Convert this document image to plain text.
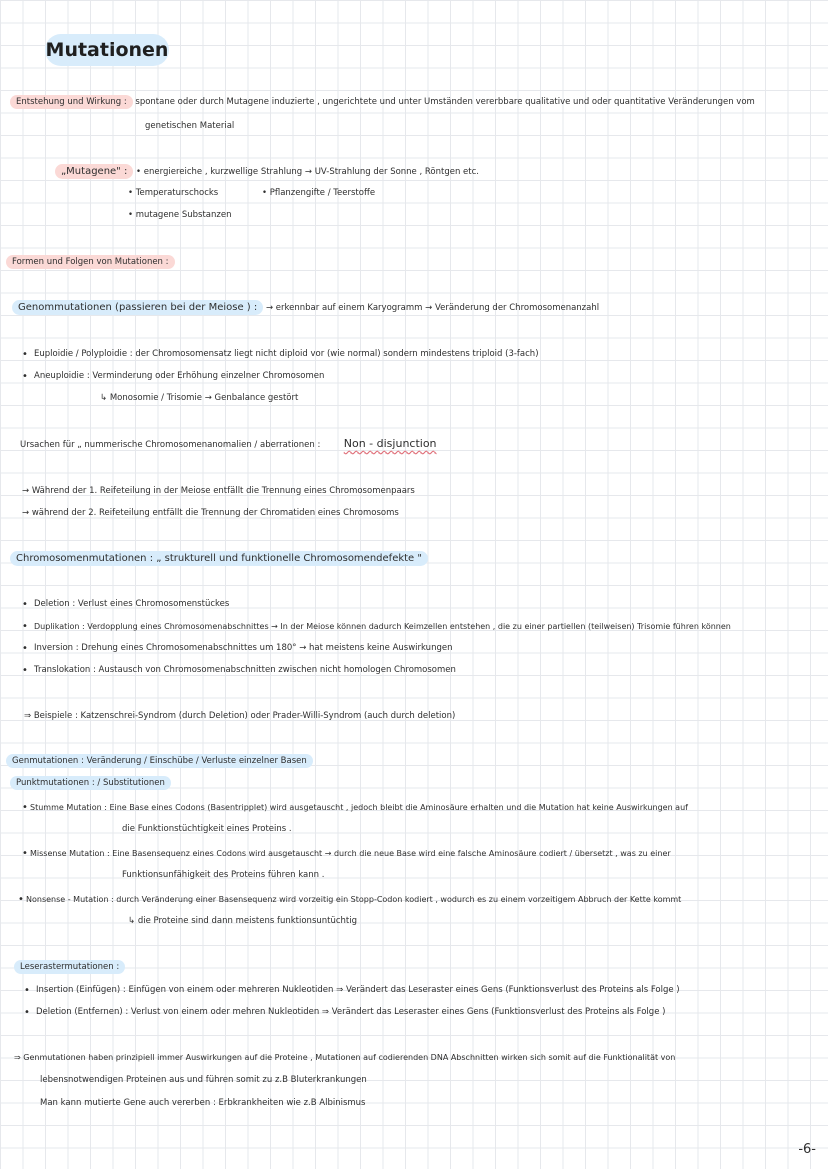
Mutationen
Entstehung und Wirkung : spontane oder durch Mutagene induzierte , ungerichtete und unter Umständen vererbbare qualitative und oder quantitative Veränderungen vom
genetischen Material
„Mutagene" : • energiereiche , kurzwellige Strahlung → UV-Strahlung der Sonne , Röntgen etc.
• Temperaturschocks	• Pflanzengifte / Teerstoffe
• mutagene Substanzen
Formen und Folgen von Mutationen :
Genommutationen (passieren bei der Meiose ) : → erkennbar auf einem Karyogramm → Veränderung der Chromosomenanzahl
• Euploidie / Polyploidie : der Chromosomensatz liegt nicht diploid vor (wie normal) sondern mindestens triploid (3-fach)
• Aneuploidie : Verminderung oder Erhöhung einzelner Chromosomen
↳ Monosomie / Trisomie → Genbalance gestört
Ursachen für „ nummerische Chromosomenanomalien / aberrationen : Non - disjunction
→ Während der 1. Reifeteilung in der Meiose entfällt die Trennung eines Chromosomenpaars
→ während der 2. Reifeteilung entfällt die Trennung der Chromatiden eines Chromosoms
Chromosomenmutationen : „ strukturell und funktionelle Chromosomendefekte "
• Deletion : Verlust eines Chromosomenstückes
• Duplikation : Verdopplung eines Chromosomenabschnittes → In der Meiose können dadurch Keimzellen entstehen , die zu einer partiellen (teilweisen) Trisomie führen können
• Inversion : Drehung eines Chromosomenabschnittes um 180° → hat meistens keine Auswirkungen
• Translokation : Austausch von Chromosomenabschnitten zwischen nicht homologen Chromosomen
⇒ Beispiele : Katzenschrei-Syndrom (durch Deletion) oder Prader-Willi-Syndrom (auch durch deletion)
Genmutationen : Veränderung / Einschübe / Verluste einzelner Basen
Punktmutationen : / Substitutionen
• Stumme Mutation : Eine Base eines Codons (Basentripplet) wird ausgetauscht , jedoch bleibt die Aminosäure erhalten und die Mutation hat keine Auswirkungen auf
die Funktionstüchtigkeit eines Proteins .
• Missense Mutation : Eine Basensequenz eines Codons wird ausgetauscht → durch die neue Base wird eine falsche Aminosäure codiert / übersetzt , was zu einer
Funktionsunfähigkeit des Proteins führen kann .
• Nonsense - Mutation : durch Veränderung einer Basensequenz wird vorzeitig ein Stopp-Codon kodiert , wodurch es zu einem vorzeitigem Abbruch der Kette kommt
↳ die Proteine sind dann meistens funktionsuntüchtig
Leserastermutationen :
• Insertion (Einfügen) : Einfügen von einem oder mehreren Nukleotiden ⇒ Verändert das Leseraster eines Gens (Funktionsverlust des Proteins als Folge )
• Deletion (Entfernen) : Verlust von einem oder mehren Nukleotiden ⇒ Verändert das Leseraster eines Gens (Funktionsverlust des Proteins als Folge )
⇒ Genmutationen haben prinzipiell immer Auswirkungen auf die Proteine , Mutationen auf codierenden DNA Abschnitten wirken sich somit auf die Funktionalität von
lebensnotwendigen Proteinen aus und führen somit zu z.B Bluterkrankungen
Man kann mutierte Gene auch vererben : Erbkrankheiten wie z.B Albinismus
-6-
